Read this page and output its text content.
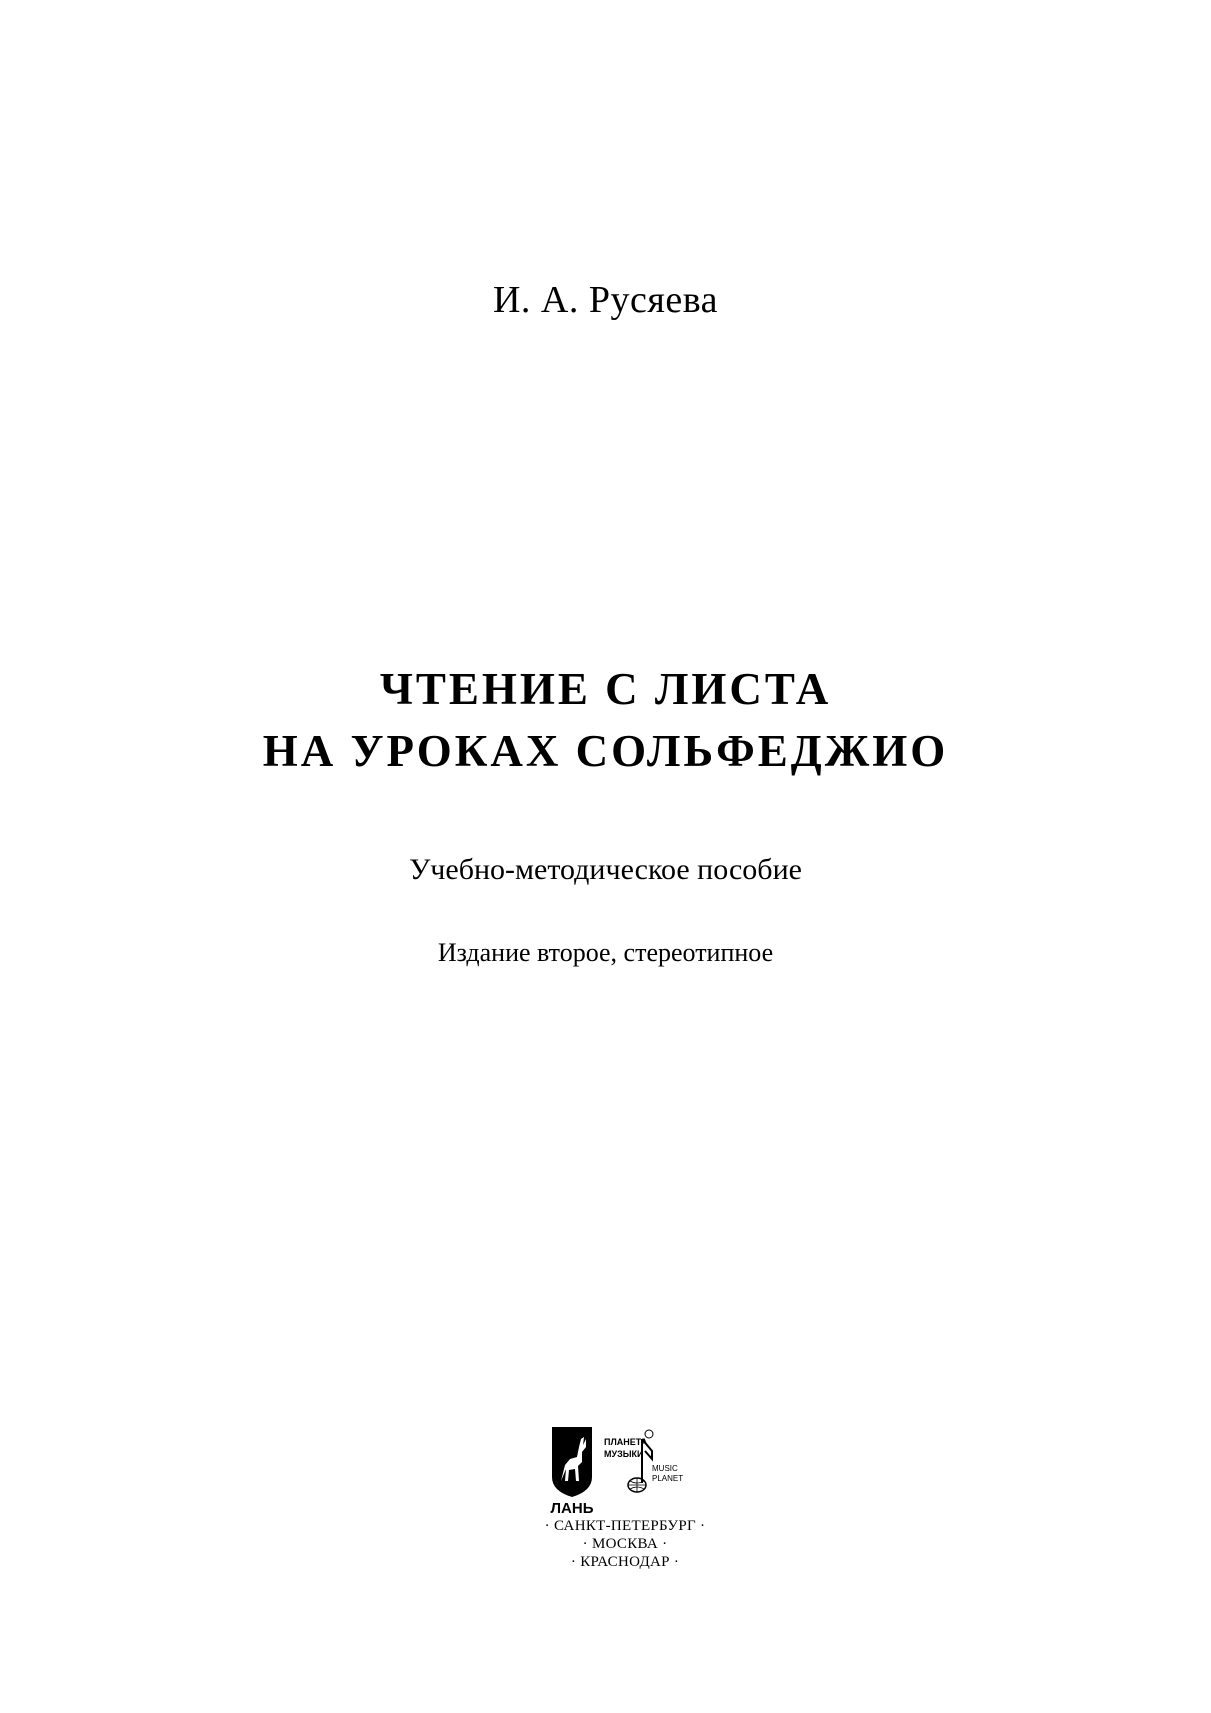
И. А. Русяева
ЧТЕНИЕ С ЛИСТА
НА УРОКАХ СОЛЬФЕДЖИО
Учебно-методическое пособие
Издание второе, стереотипное
ЛАНЬ
ПЛАНЕТА
МУЗЫКИ
MUSIC
PLANET
· САНКТ-ПЕТЕРБУРГ ·
· МОСКВА ·
· КРАСНОДАР ·
